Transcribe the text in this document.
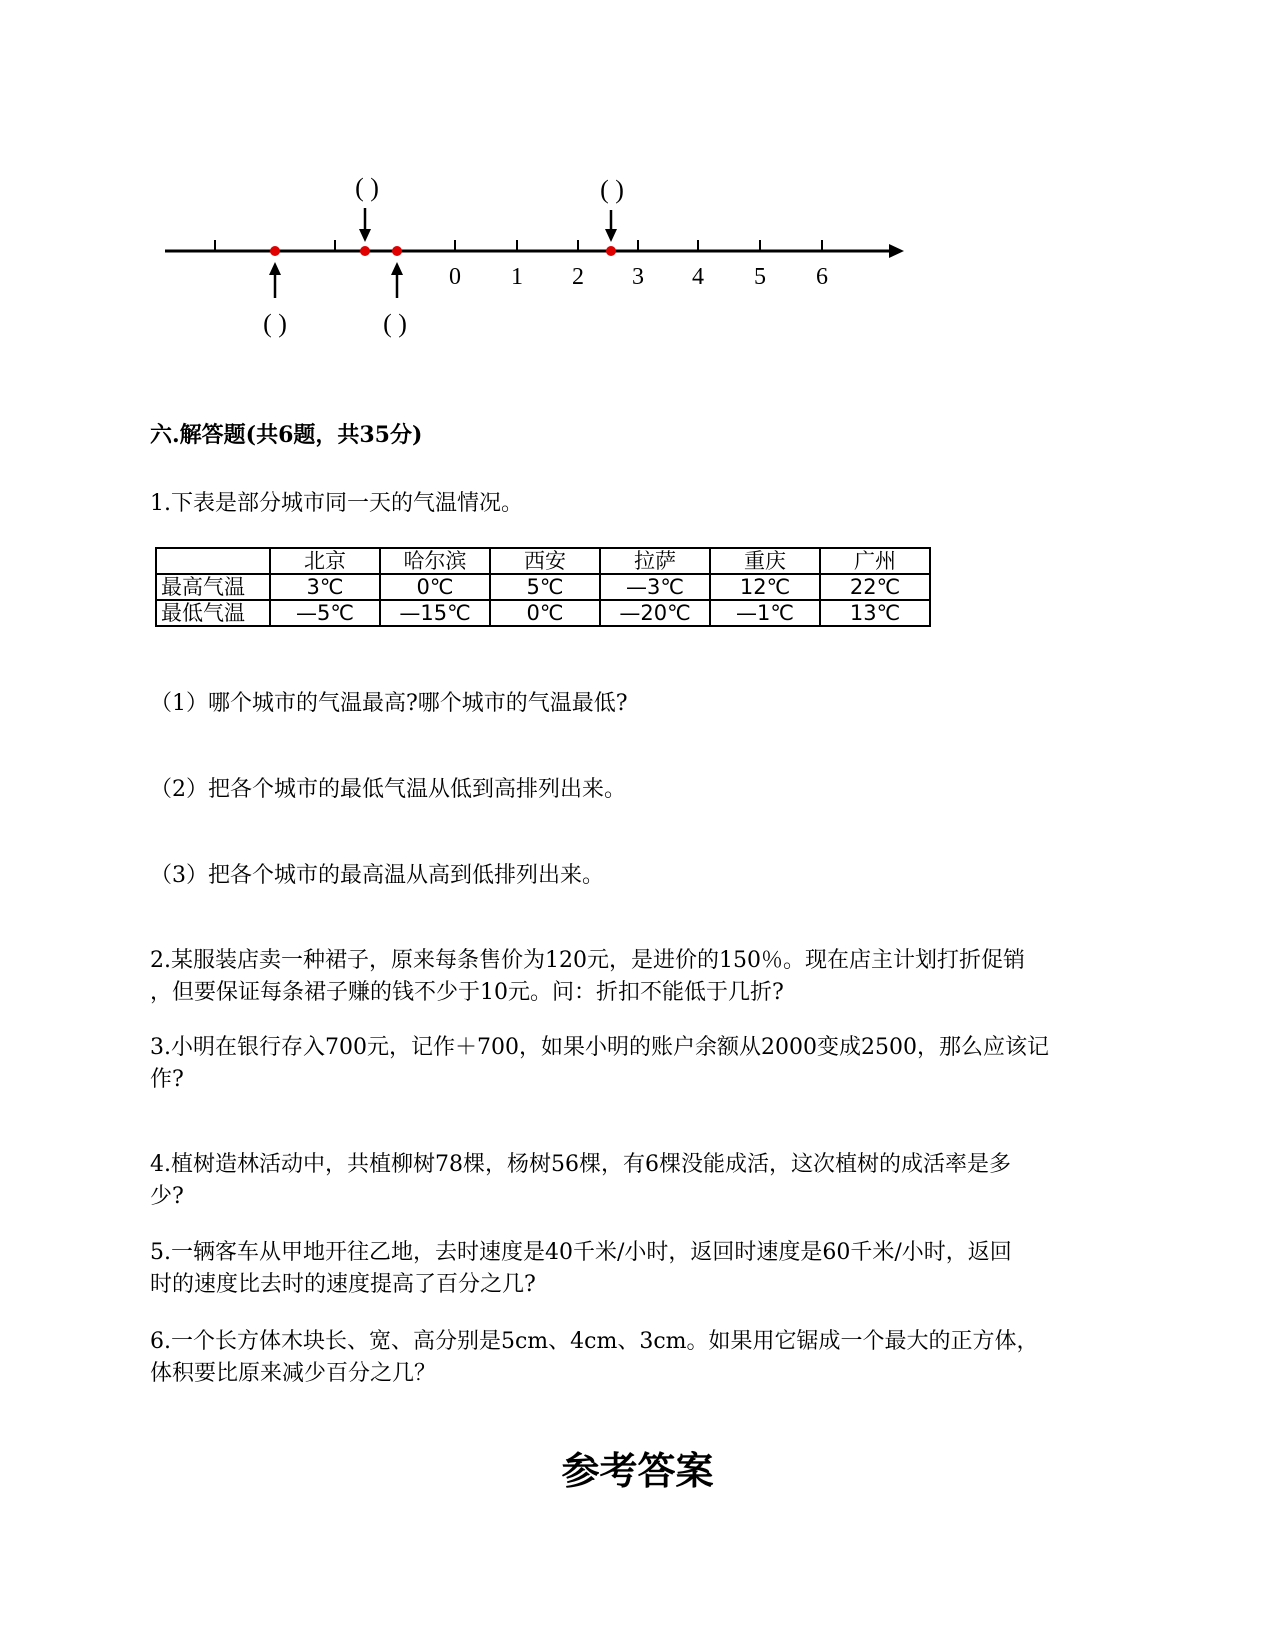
0 1 2 3 4 5 6
( )	( )
( )	( )
六.解答题(共6题，共35分)

1.下表是部分城市同一天的气温情况。

	北京	哈尔滨	西安	拉萨	重庆	广州
最高气温	3℃	0℃	5℃	—3℃	12℃	22℃
最低气温	—5℃	—15℃	0℃	—20℃	—1℃	13℃

（1）哪个城市的气温最高?哪个城市的气温最低?

（2）把各个城市的最低气温从低到高排列出来。

（3）把各个城市的最高温从高到低排列出来。

2.某服装店卖一种裙子，原来每条售价为120元，是进价的150％。现在店主计划打折促销

，但要保证每条裙子赚的钱不少于10元。问：折扣不能低于几折?

3.小明在银行存入700元，记作＋700，如果小明的账户余额从2000变成2500，那么应该记

作?

4.植树造林活动中，共植柳树78棵，杨树56棵，有6棵没能成活，这次植树的成活率是多

少?

5.一辆客车从甲地开往乙地，去时速度是40千米/小时，返回时速度是60千米/小时，返回

时的速度比去时的速度提高了百分之几?

6.一个长方体木块长、宽、高分别是5cm、4cm、3cm。如果用它锯成一个最大的正方体，

体积要比原来减少百分之几？

参考答案
